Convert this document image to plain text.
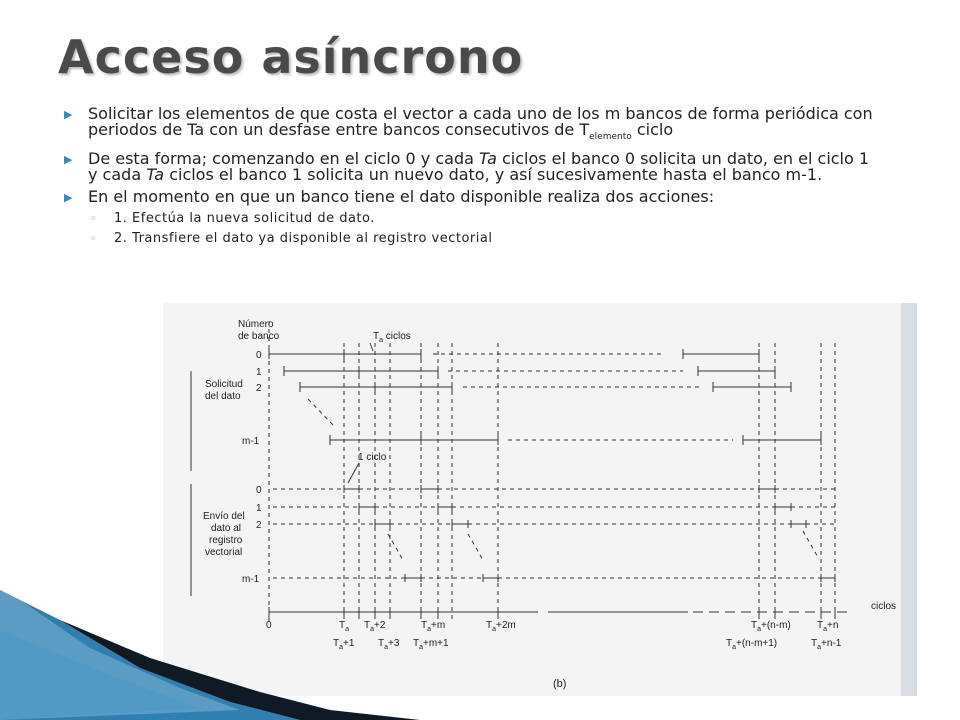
Acceso asíncrono
▶ Solicitar los elementos de que costa el vector a cada uno de los m bancos de forma periódica con periodos de Ta con un desfase entre bancos consecutivos de $T_{elemento}$ ciclo
▶ De esta forma; comenzando en el ciclo 0 y cada Ta ciclos el banco 0 solicita un dato, en el ciclo 1 y cada Ta ciclos el banco 1 solicita un nuevo dato, y así sucesivamente hasta el banco m-1.
▶ En el momento en que un banco tiene el dato disponible realiza dos acciones:
◦ 1. Efectúa la nueva solicitud de dato.
◦ 2. Transfiere el dato ya disponible al registro vectorial
Número
de banco	$T_a$ ciclos
Solicitud
del dato
Envío del
dato al
registro
vectorial
0
1
2
m-1
0
1
2
m-1
1 ciclo
ciclos
0	$T_a$ $T_a+2$	$T_a+m$	$T_a+2m$	$T_a+(n-m)$	$T_a+n$
$T_a+1$ $T_a+3$ $T_a+m+1$	$T_a+(n-m+1)$	$T_a+n-1$
(b)
